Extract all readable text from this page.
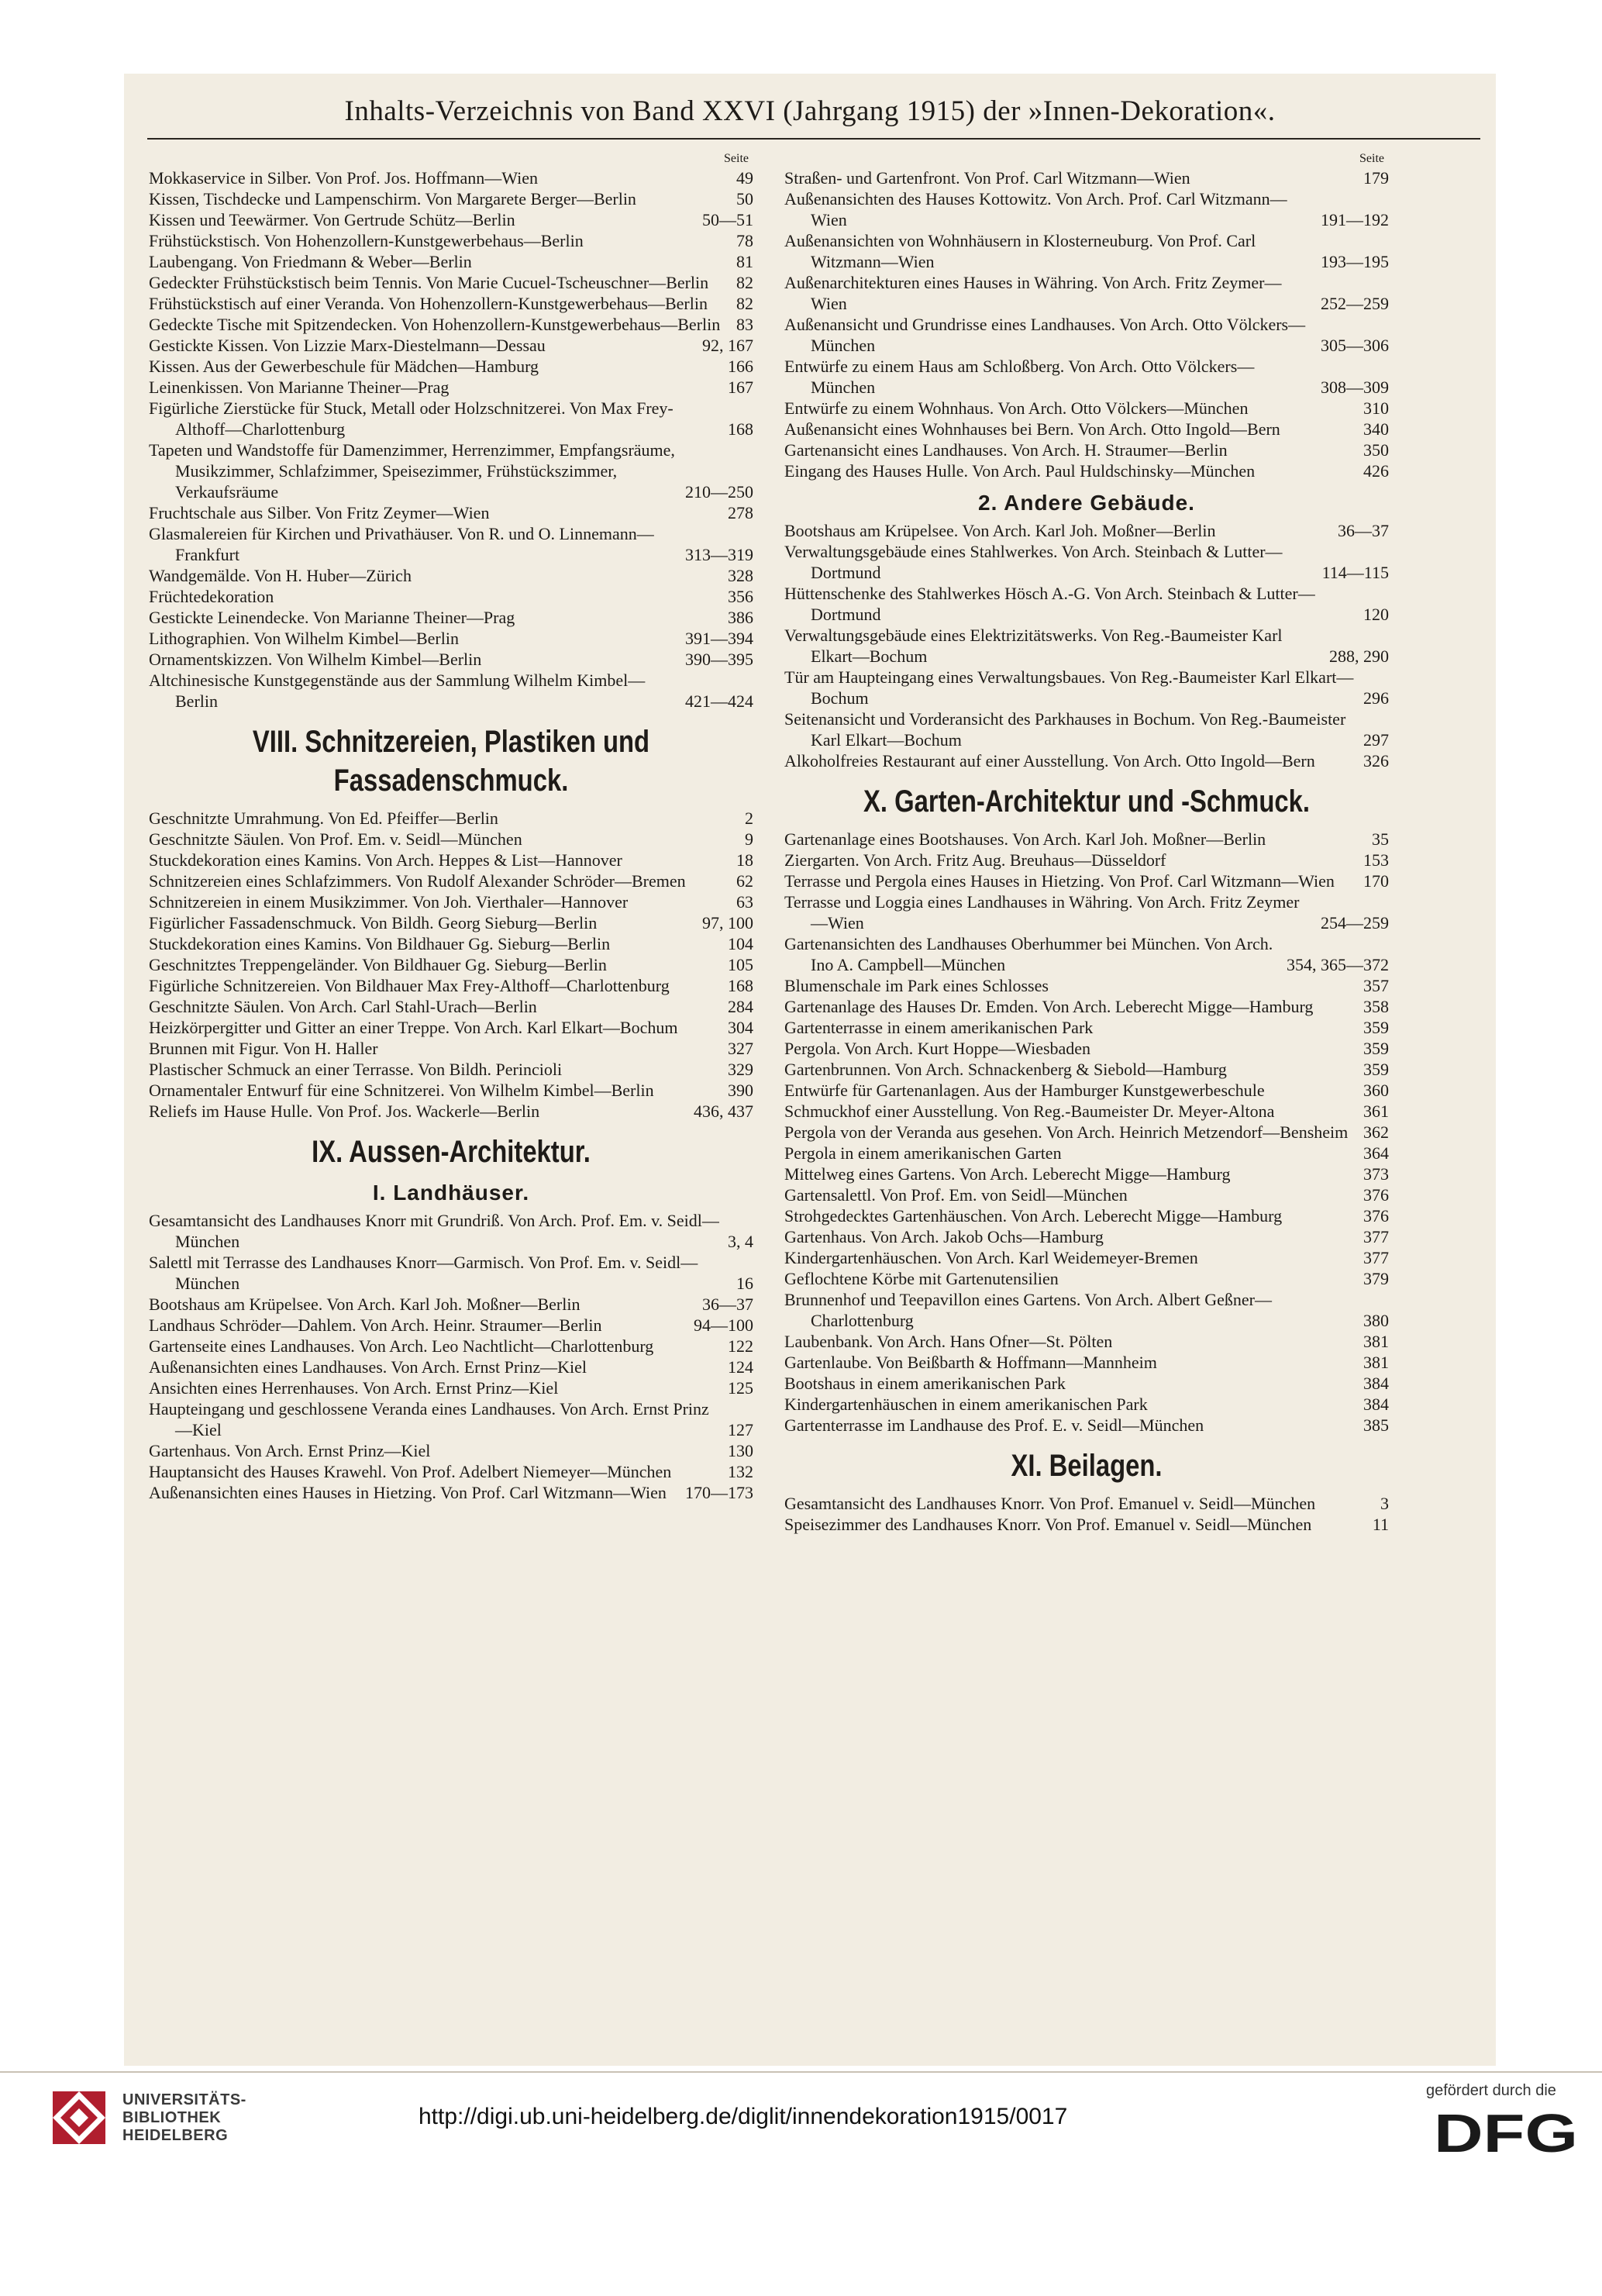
Inhalts-Verzeichnis von Band XXVI (Jahrgang 1915) der »Innen-Dekoration«.
Seite
Mokkaservice in Silber. Von Prof. Jos. Hoffmann—Wien	49
Kissen, Tischdecke und Lampenschirm. Von Margarete Berger—Berlin	50
Kissen und Teewärmer. Von Gertrude Schütz—Berlin	50—51
Frühstückstisch. Von Hohenzollern-Kunstgewerbehaus—Berlin	78
Laubengang. Von Friedmann & Weber—Berlin	81
Gedeckter Frühstückstisch beim Tennis. Von Marie Cucuel-Tscheuschner—Berlin	82
Frühstückstisch auf einer Veranda. Von Hohenzollern-Kunstgewerbehaus—Berlin	82
Gedeckte Tische mit Spitzendecken. Von Hohenzollern-Kunstgewerbehaus—Berlin 83
Gestickte Kissen. Von Lizzie Marx-Diestelmann—Dessau	92, 167
Kissen. Aus der Gewerbeschule für Mädchen—Hamburg	166
Leinenkissen. Von Marianne Theiner—Prag	167
Figürliche Zierstücke für Stuck, Metall oder Holzschnitzerei. Von Max Frey-Althoff—Charlottenburg	168
Tapeten und Wandstoffe für Damenzimmer, Herrenzimmer, Empfangsräume, Musikzimmer, Schlafzimmer, Speisezimmer, Frühstückszimmer, Verkaufsräume	210—250
Fruchtschale aus Silber. Von Fritz Zeymer—Wien	278
Glasmalereien für Kirchen und Privathäuser. Von R. und O. Linnemann—Frankfurt	313—319
Wandgemälde. Von H. Huber—Zürich	328
Früchtedekoration	356
Gestickte Leinendecke. Von Marianne Theiner—Prag	386
Lithographien. Von Wilhelm Kimbel—Berlin	391—394
Ornamentskizzen. Von Wilhelm Kimbel—Berlin	390—395
Altchinesische Kunstgegenstände aus der Sammlung Wilhelm Kimbel—Berlin	421—424
VIII. Schnitzereien, Plastiken und Fassadenschmuck.
Geschnitzte Umrahmung. Von Ed. Pfeiffer—Berlin	2
Geschnitzte Säulen. Von Prof. Em. v. Seidl—München	9
Stuckdekoration eines Kamins. Von Arch. Heppes & List—Hannover	18
Schnitzereien eines Schlafzimmers. Von Rudolf Alexander Schröder—Bremen	62
Schnitzereien in einem Musikzimmer. Von Joh. Vierthaler—Hannover	63
Figürlicher Fassadenschmuck. Von Bildh. Georg Sieburg—Berlin	97, 100
Stuckdekoration eines Kamins. Von Bildhauer Gg. Sieburg—Berlin	104
Geschnitztes Treppengeländer. Von Bildhauer Gg. Sieburg—Berlin	105
Figürliche Schnitzereien. Von Bildhauer Max Frey-Althoff—Charlottenburg	168
Geschnitzte Säulen. Von Arch. Carl Stahl-Urach—Berlin	284
Heizkörpergitter und Gitter an einer Treppe. Von Arch. Karl Elkart—Bochum	304
Brunnen mit Figur. Von H. Haller	327
Plastischer Schmuck an einer Terrasse. Von Bildh. Perincioli	329
Ornamentaler Entwurf für eine Schnitzerei. Von Wilhelm Kimbel—Berlin	390
Reliefs im Hause Hulle. Von Prof. Jos. Wackerle—Berlin	436, 437
IX. Aussen-Architektur.
I. Landhäuser.
Gesamtansicht des Landhauses Knorr mit Grundriß. Von Arch. Prof. Em. v. Seidl—München	3, 4
Salettl mit Terrasse des Landhauses Knorr—Garmisch. Von Prof. Em. v. Seidl—München	16
Bootshaus am Krüpelsee. Von Arch. Karl Joh. Moßner—Berlin	36—37
Landhaus Schröder—Dahlem. Von Arch. Heinr. Straumer—Berlin	94—100
Gartenseite eines Landhauses. Von Arch. Leo Nachtlicht—Charlottenburg	122
Außenansichten eines Landhauses. Von Arch. Ernst Prinz—Kiel	124
Ansichten eines Herrenhauses. Von Arch. Ernst Prinz—Kiel	125
Haupteingang und geschlossene Veranda eines Landhauses. Von Arch. Ernst Prinz—Kiel	127
Gartenhaus. Von Arch. Ernst Prinz—Kiel	130
Hauptansicht des Hauses Krawehl. Von Prof. Adelbert Niemeyer—München	132
Außenansichten eines Hauses in Hietzing. Von Prof. Carl Witzmann—Wien	170—173
Seite
Straßen- und Gartenfront. Von Prof. Carl Witzmann—Wien	179
Außenansichten des Hauses Kottowitz. Von Arch. Prof. Carl Witzmann—Wien	191—192
Außenansichten von Wohnhäusern in Klosterneuburg. Von Prof. Carl Witzmann—Wien	193—195
Außenarchitekturen eines Hauses in Währing. Von Arch. Fritz Zeymer—Wien	252—259
Außenansicht und Grundrisse eines Landhauses. Von Arch. Otto Völckers—München	305—306
Entwürfe zu einem Haus am Schloßberg. Von Arch. Otto Völckers—München	308—309
Entwürfe zu einem Wohnhaus. Von Arch. Otto Völckers—München	310
Außenansicht eines Wohnhauses bei Bern. Von Arch. Otto Ingold—Bern	340
Gartenansicht eines Landhauses. Von Arch. H. Straumer—Berlin	350
Eingang des Hauses Hulle. Von Arch. Paul Huldschinsky—München	426
2. Andere Gebäude.
Bootshaus am Krüpelsee. Von Arch. Karl Joh. Moßner—Berlin	36—37
Verwaltungsgebäude eines Stahlwerkes. Von Arch. Steinbach & Lutter—Dortmund	114—115
Hüttenschenke des Stahlwerkes Hösch A.-G. Von Arch. Steinbach & Lutter—Dortmund	120
Verwaltungsgebäude eines Elektrizitätswerks. Von Reg.-Baumeister Karl Elkart—Bochum	288, 290
Tür am Haupteingang eines Verwaltungsbaues. Von Reg.-Baumeister Karl Elkart—Bochum	296
Seitenansicht und Vorderansicht des Parkhauses in Bochum. Von Reg.-Baumeister Karl Elkart—Bochum	297
Alkoholfreies Restaurant auf einer Ausstellung. Von Arch. Otto Ingold—Bern	326
X. Garten-Architektur und -Schmuck.
Gartenanlage eines Bootshauses. Von Arch. Karl Joh. Moßner—Berlin	35
Ziergarten. Von Arch. Fritz Aug. Breuhaus—Düsseldorf	153
Terrasse und Pergola eines Hauses in Hietzing. Von Prof. Carl Witzmann—Wien	170
Terrasse und Loggia eines Landhauses in Währing. Von Arch. Fritz Zeymer—Wien	254—259
Gartenansichten des Landhauses Oberhummer bei München. Von Arch. Ino A. Campbell—München	354, 365—372
Blumenschale im Park eines Schlosses	357
Gartenanlage des Hauses Dr. Emden. Von Arch. Leberecht Migge—Hamburg	358
Gartenterrasse in einem amerikanischen Park	359
Pergola. Von Arch. Kurt Hoppe—Wiesbaden	359
Gartenbrunnen. Von Arch. Schnackenberg & Siebold—Hamburg	359
Entwürfe für Gartenanlagen. Aus der Hamburger Kunstgewerbeschule	360
Schmuckhof einer Ausstellung. Von Reg.-Baumeister Dr. Meyer-Altona	361
Pergola von der Veranda aus gesehen. Von Arch. Heinrich Metzendorf—Bensheim 362
Pergola in einem amerikanischen Garten	364
Mittelweg eines Gartens. Von Arch. Leberecht Migge—Hamburg	373
Gartensalettl. Von Prof. Em. von Seidl—München	376
Strohgedecktes Gartenhäuschen. Von Arch. Leberecht Migge—Hamburg	376
Gartenhaus. Von Arch. Jakob Ochs—Hamburg	377
Kindergartenhäuschen. Von Arch. Karl Weidemeyer-Bremen	377
Geflochtene Körbe mit Gartenutensilien	379
Brunnenhof und Teepavillon eines Gartens. Von Arch. Albert Geßner—Charlottenburg	380
Laubenbank. Von Arch. Hans Ofner—St. Pölten	381
Gartenlaube. Von Beißbarth & Hoffmann—Mannheim	381
Bootshaus in einem amerikanischen Park	384
Kindergartenhäuschen in einem amerikanischen Park	384
Gartenterrasse im Landhause des Prof. E. v. Seidl—München	385
XI. Beilagen.
Gesamtansicht des Landhauses Knorr. Von Prof. Emanuel v. Seidl—München	3
Speisezimmer des Landhauses Knorr. Von Prof. Emanuel v. Seidl—München	11
UNIVERSITÄTS-
BIBLIOTHEK
HEIDELBERG
http://digi.ub.uni-heidelberg.de/diglit/innendekoration1915/0017
gefördert durch die
DFG
